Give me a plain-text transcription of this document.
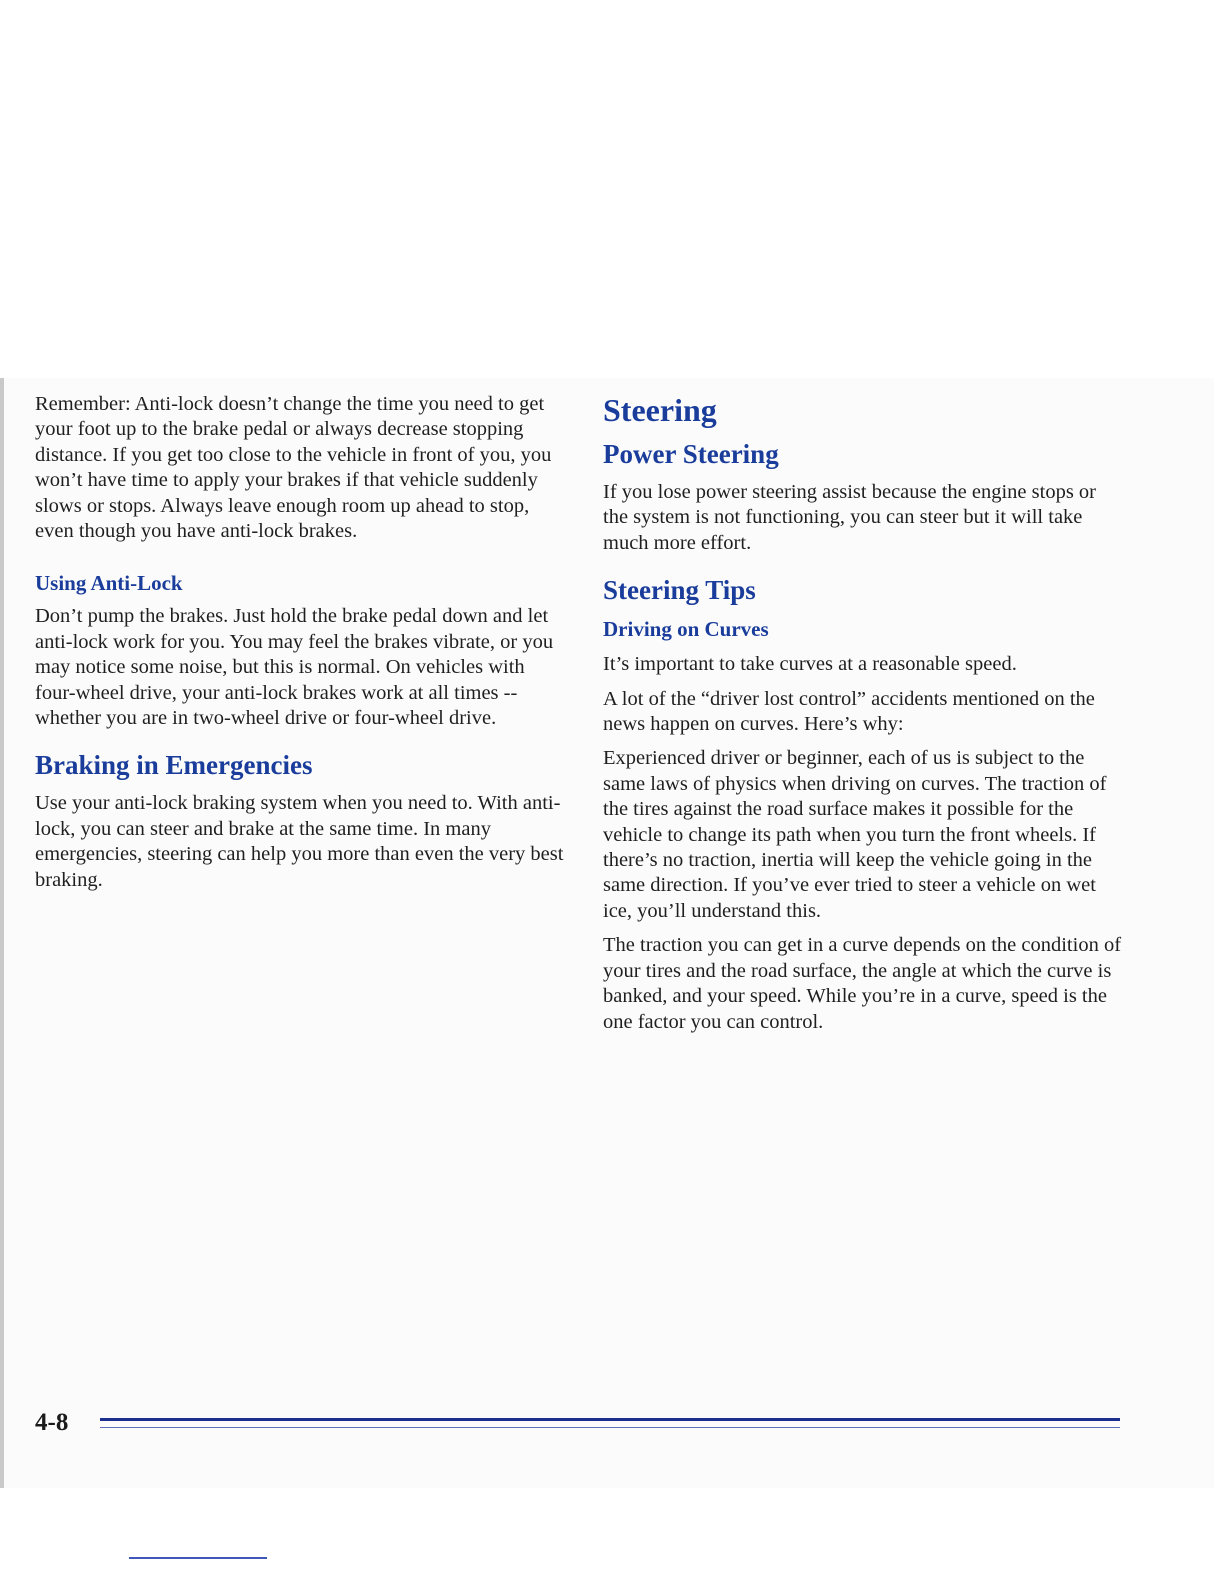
Remember: Anti-lock doesn’t change the time you need to get your foot up to the brake pedal or always decrease stopping distance. If you get too close to the vehicle in front of you, you won’t have time to apply your brakes if that vehicle suddenly slows or stops. Always leave enough room up ahead to stop, even though you have anti-lock brakes.

Using Anti-Lock

Don’t pump the brakes. Just hold the brake pedal down and let anti-lock work for you. You may feel the brakes vibrate, or you may notice some noise, but this is normal. On vehicles with four-wheel drive, your anti-lock brakes work at all times -- whether you are in two-wheel drive or four-wheel drive.

Braking in Emergencies

Use your anti-lock braking system when you need to. With anti-lock, you can steer and brake at the same time. In many emergencies, steering can help you more than even the very best braking.

Steering
Power Steering

If you lose power steering assist because the engine stops or the system is not functioning, you can steer but it will take much more effort.

Steering Tips
Driving on Curves

It’s important to take curves at a reasonable speed.

A lot of the “driver lost control” accidents mentioned on the news happen on curves. Here’s why:

Experienced driver or beginner, each of us is subject to the same laws of physics when driving on curves. The traction of the tires against the road surface makes it possible for the vehicle to change its path when you turn the front wheels. If there’s no traction, inertia will keep the vehicle going in the same direction. If you’ve ever tried to steer a vehicle on wet ice, you’ll understand this.

The traction you can get in a curve depends on the condition of your tires and the road surface, the angle at which the curve is banked, and your speed. While you’re in a curve, speed is the one factor you can control.

4-8
